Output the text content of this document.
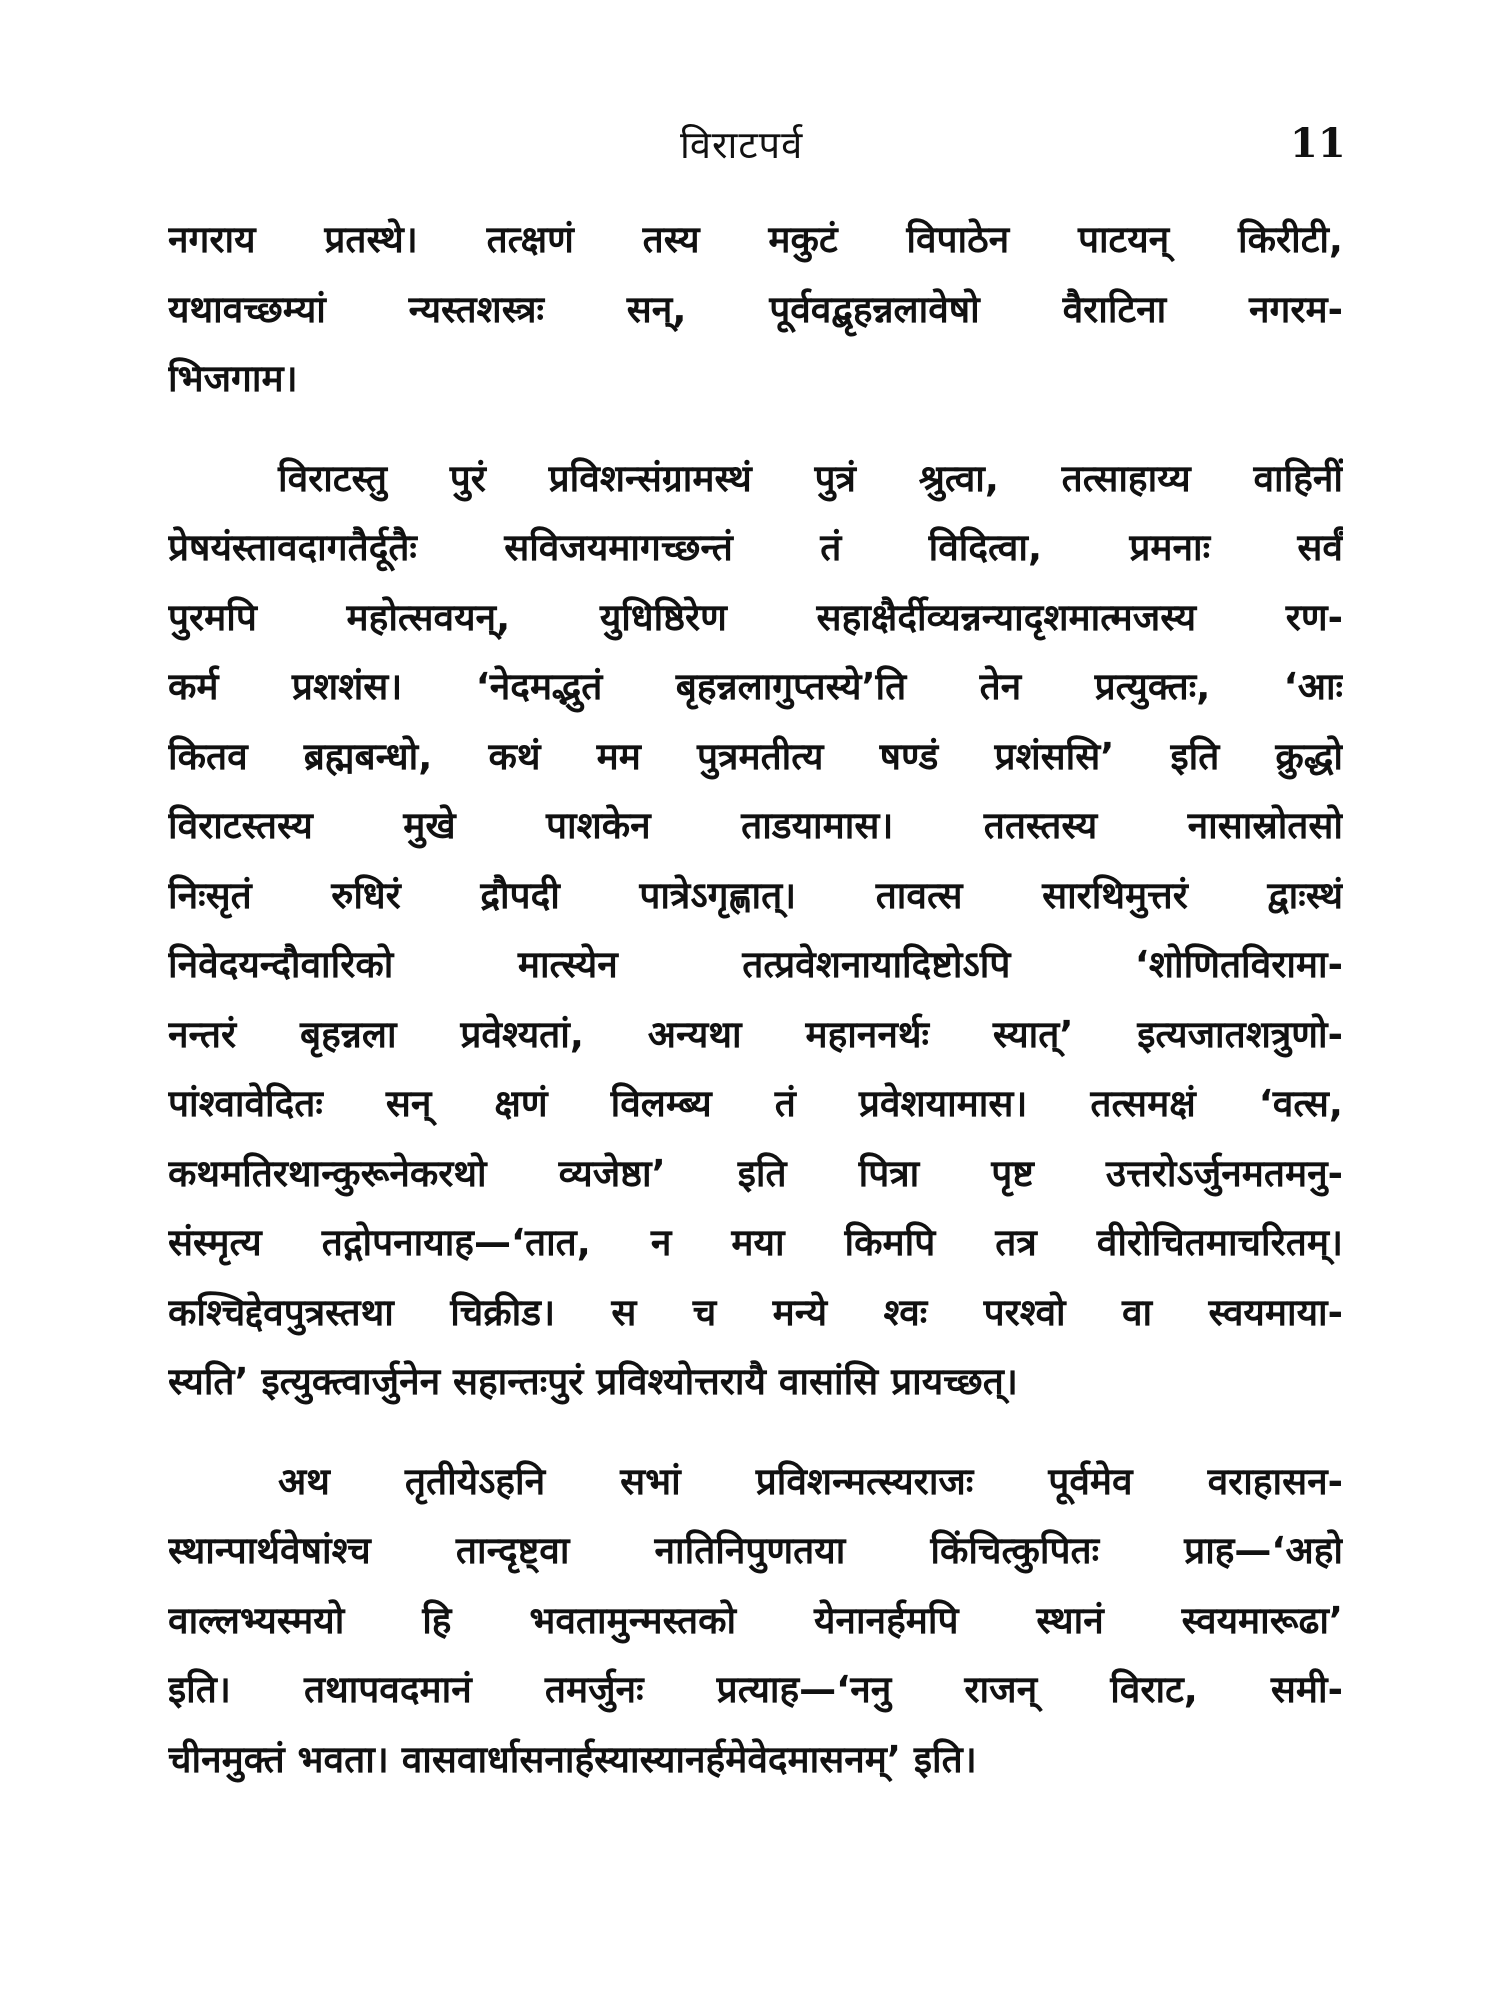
विराटपर्व	11
नगराय प्रतस्थे। तत्क्षणं तस्य मकुटं विपाठेन पाटयन् किरीटी,
यथावच्छम्यां न्यस्तशस्त्रः सन्, पूर्ववद्बृहन्नलावेषो वैराटिना नगरम-
भिजगाम।
विराटस्तु पुरं प्रविशन्संग्रामस्थं पुत्रं श्रुत्वा, तत्साहाय्य वाहिनीं
प्रेषयंस्तावदागतैर्दूतैः सविजयमागच्छन्तं तं विदित्वा, प्रमनाः सर्वं
पुरमपि महोत्सवयन्, युधिष्ठिरेण सहाक्षैर्दीव्यन्नन्यादृशमात्मजस्य रण-
कर्म प्रशशंस। ‘नेदमद्भुतं बृहन्नलागुप्तस्ये’ति तेन प्रत्युक्तः, ‘आः
कितव ब्रह्मबन्धो, कथं मम पुत्रमतीत्य षण्डं प्रशंससि’ इति क्रुद्धो
विराटस्तस्य मुखे पाशकेन ताडयामास। ततस्तस्य नासास्रोतसो
निःसृतं रुधिरं द्रौपदी पात्रेऽगृह्णात्। तावत्स सारथिमुत्तरं द्वाःस्थं
निवेदयन्दौवारिको मात्स्येन तत्प्रवेशनायादिष्टोऽपि ‘शोणितविरामा-
नन्तरं बृहन्नला प्रवेश्यतां, अन्यथा महाननर्थः स्यात्’ इत्यजातशत्रुणो-
पांश्वावेदितः सन् क्षणं विलम्ब्य तं प्रवेशयामास। तत्समक्षं ‘वत्स,
कथमतिरथान्कुरूनेकरथो व्यजेष्ठा’ इति पित्रा पृष्ट उत्तरोऽर्जुनमतमनु-
संस्मृत्य तद्गोपनायाह—‘तात, न मया किमपि तत्र वीरोचितमाचरितम्।
कश्चिद्देवपुत्रस्तथा चिक्रीड। स च मन्ये श्वः परश्वो वा स्वयमाया-
स्यति’ इत्युक्त्वार्जुनेन सहान्तःपुरं प्रविश्योत्तरायै वासांसि प्रायच्छत्।
अथ तृतीयेऽहनि सभां प्रविशन्मत्स्यराजः पूर्वमेव वराहासन-
स्थान्पार्थवेषांश्च तान्दृष्ट्वा नातिनिपुणतया किंचित्कुपितः प्राह—‘अहो
वाल्लभ्यस्मयो हि भवतामुन्मस्तको येनानर्हमपि स्थानं स्वयमारूढा’
इति। तथापवदमानं तमर्जुनः प्रत्याह—‘ननु राजन् विराट, समी-
चीनमुक्तं भवता। वासवार्धासनार्हस्यास्यानर्हमेवेदमासनम्’ इति।
